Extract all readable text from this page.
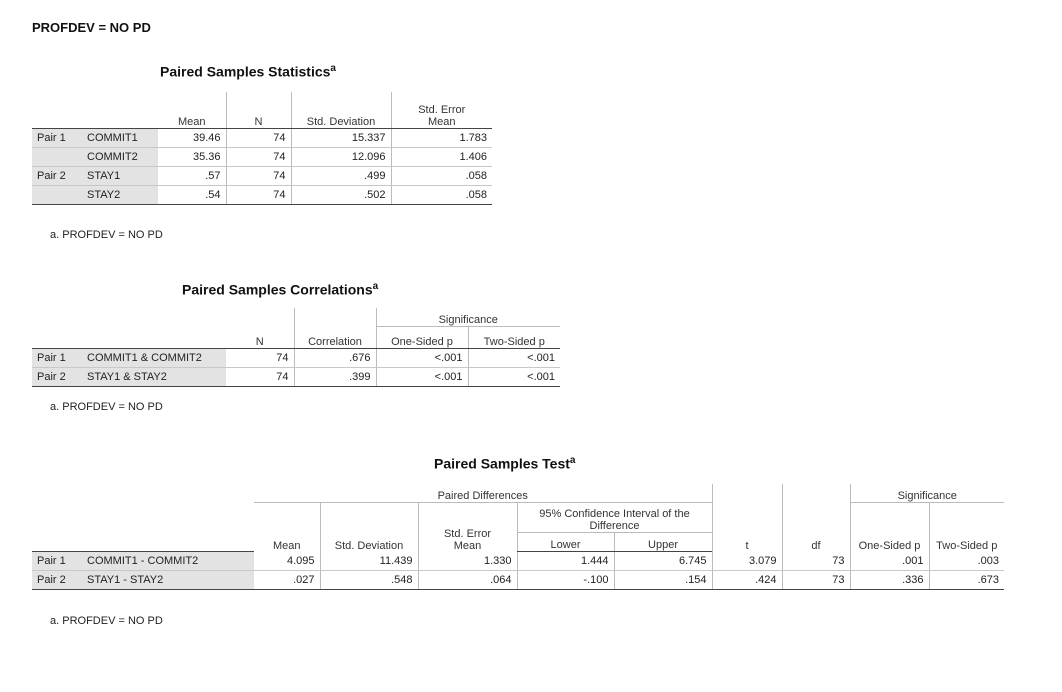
PROFDEV = NO PD
Paired Samples Statistics$^a$
		Mean	N	Std. Deviation	Std. Error Mean
Pair 1	COMMIT1	39.46	74	15.337	1.783
	COMMIT2	35.36	74	12.096	1.406
Pair 2	STAY1	.57	74	.499	.058
	STAY2	.54	74	.502	.058
a. PROFDEV = NO PD
Paired Samples Correlations$^a$
				Significance	
		N	Correlation	One-Sided p	Two-Sided p
Pair 1	COMMIT1 & COMMIT2	74	.676	<.001	<.001
Pair 2	STAY1 & STAY2	74	.399	<.001	<.001
a. PROFDEV = NO PD
Paired Samples Test$^a$
		Paired Differences							Significance	
		Mean	Std. Deviation	Std. Error Mean	95% Confidence Interval of the Difference		t	df	One-Sided p	Two-Sided p
					Lower	Upper				
Pair 1	COMMIT1 - COMMIT2	4.095	11.439	1.330	1.444	6.745	3.079	73	.001	.003
Pair 2	STAY1 - STAY2	.027	.548	.064	-.100	.154	.424	73	.336	.673
a. PROFDEV = NO PD
